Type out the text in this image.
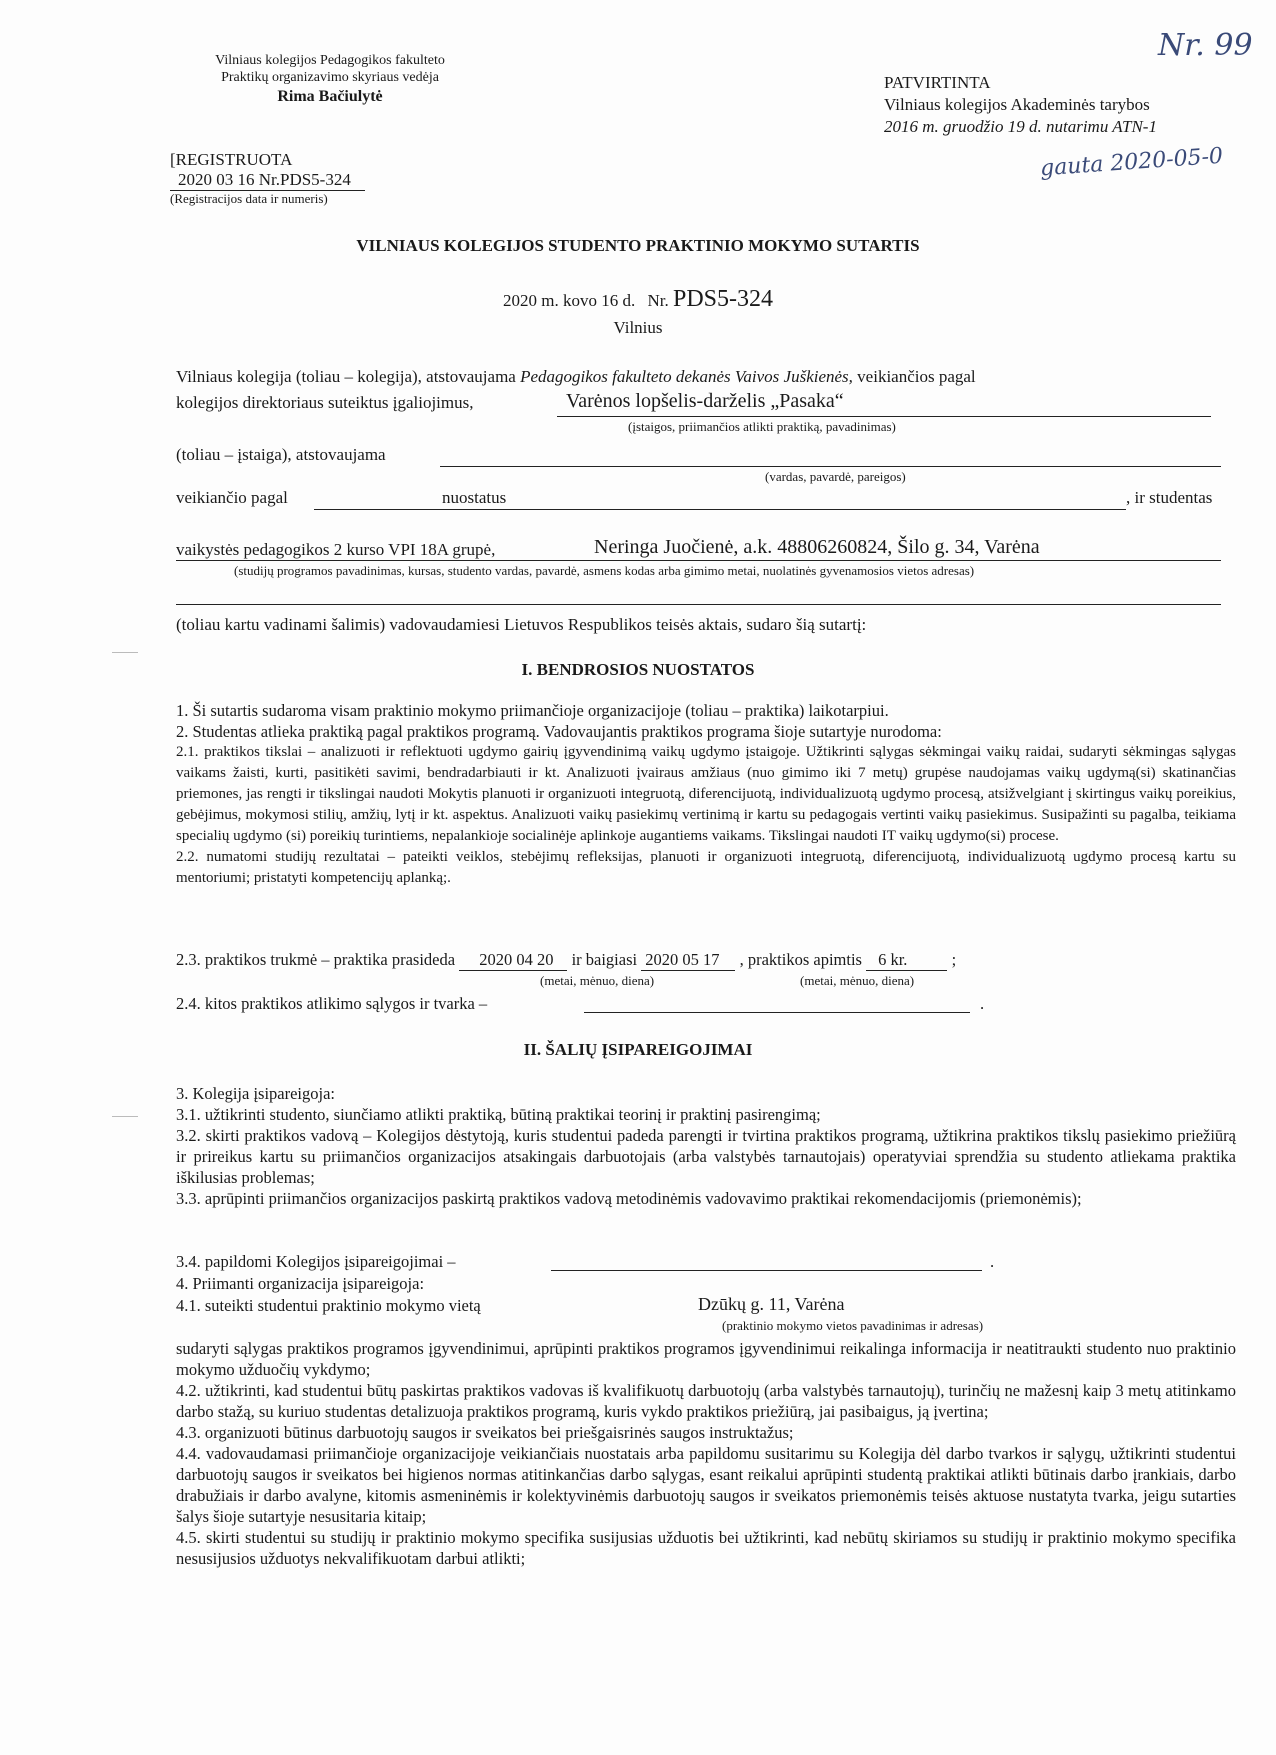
Vilniaus kolegijos Pedagogikos fakulteto
Praktikų organizavimo skyriaus vedėja
Rima Bačiulytė
[REGISTRUOTA
2020 03 16 Nr.PDS5-324
(Registracijos data ir numeris)
Nr. 99
PATVIRTINTA
Vilniaus kolegijos Akademinės tarybos
2016 m. gruodžio 19 d. nutarimu ATN-1
gauta 2020-05-0
VILNIAUS KOLEGIJOS STUDENTO PRAKTINIO MOKYMO SUTARTIS
2020 m. kovo 16 d. Nr. PDS5-324
Vilnius

Vilniaus kolegija (toliau – kolegija), atstovaujama Pedagogikos fakulteto dekanės Vaivos Juškienės, veikiančios pagal

kolegijos direktoriaus suteiktus įgaliojimus,	Varėnos lopšelis-darželis „Pasaka“
(įstaigos, priimančios atlikti praktiką, pavadinimas)
(toliau – įstaiga), atstovaujama
(vardas, pavardė, pareigos)
veikiančio pagal	nuostatus	, ir studentas
vaikystės pedagogikos 2 kurso VPI 18A grupė,	Neringa Juočienė, a.k. 48806260824, Šilo g. 34, Varėna
(studijų programos pavadinimas, kursas, studento vardas, pavardė, asmens kodas arba gimimo metai, nuolatinės gyvenamosios vietos adresas)
(toliau kartu vadinami šalimis) vadovaudamiesi Lietuvos Respublikos teisės aktais, sudaro šią sutartį:
I. BENDROSIOS NUOSTATOS

1. Ši sutartis sudaroma visam praktinio mokymo priimančioje organizacijoje (toliau – praktika) laikotarpiui.

2. Studentas atlieka praktiką pagal praktikos programą. Vadovaujantis praktikos programa šioje sutartyje nurodoma:

2.1. praktikos tikslai – analizuoti ir reflektuoti ugdymo gairių įgyvendinimą vaikų ugdymo įstaigoje. Užtikrinti sąlygas sėkmingai vaikų raidai, sudaryti sėkmingas sąlygas vaikams žaisti, kurti, pasitikėti savimi, bendradarbiauti ir kt. Analizuoti įvairaus amžiaus (nuo gimimo iki 7 metų) grupėse naudojamas vaikų ugdymą(si) skatinančias priemones, jas rengti ir tikslingai naudoti Mokytis planuoti ir organizuoti integruotą, diferencijuotą, individualizuotą ugdymo procesą, atsižvelgiant į skirtingus vaikų poreikius, gebėjimus, mokymosi stilių, amžių, lytį ir kt. aspektus. Analizuoti vaikų pasiekimų vertinimą ir kartu su pedagogais vertinti vaikų pasiekimus. Susipažinti su pagalba, teikiama specialių ugdymo (si) poreikių turintiems, nepalankioje socialinėje aplinkoje augantiems vaikams. Tikslingai naudoti IT vaikų ugdymo(si) procese.

2.2. numatomi studijų rezultatai – pateikti veiklos, stebėjimų refleksijas, planuoti ir organizuoti integruotą, diferencijuotą, individualizuotą ugdymo procesą kartu su mentoriumi; pristatyti kompetencijų aplanką;.

2.3. praktikos trukmė – praktika prasideda 2020 04 20 ir baigiasi 2020 05 17 , praktikos apimtis 6 kr.	;
(metai, mėnuo, diena)	(metai, mėnuo, diena)
2.4. kitos praktikos atlikimo sąlygos ir tvarka –	.
II. ŠALIŲ ĮSIPAREIGOJIMAI

3. Kolegija įsipareigoja:

3.1. užtikrinti studento, siunčiamo atlikti praktiką, būtiną praktikai teorinį ir praktinį pasirengimą;

3.2. skirti praktikos vadovą – Kolegijos dėstytoją, kuris studentui padeda parengti ir tvirtina praktikos programą, užtikrina praktikos tikslų pasiekimo priežiūrą ir prireikus kartu su priimančios organizacijos atsakingais darbuotojais (arba valstybės tarnautojais) operatyviai sprendžia su studento atliekama praktika iškilusias problemas;

3.3. aprūpinti priimančios organizacijos paskirtą praktikos vadovą metodinėmis vadovavimo praktikai rekomendacijomis (priemonėmis);

3.4. papildomi Kolegijos įsipareigojimai –	.
4. Priimanti organizacija įsipareigoja:
4.1. suteikti studentui praktinio mokymo vietą	Dzūkų g. 11, Varėna
(praktinio mokymo vietos pavadinimas ir adresas)

sudaryti sąlygas praktikos programos įgyvendinimui, aprūpinti praktikos programos įgyvendinimui reikalinga informacija ir neatitraukti studento nuo praktinio mokymo užduočių vykdymo;

4.2. užtikrinti, kad studentui būtų paskirtas praktikos vadovas iš kvalifikuotų darbuotojų (arba valstybės tarnautojų), turinčių ne mažesnį kaip 3 metų atitinkamo darbo stažą, su kuriuo studentas detalizuoja praktikos programą, kuris vykdo praktikos priežiūrą, jai pasibaigus, ją įvertina;

4.3. organizuoti būtinus darbuotojų saugos ir sveikatos bei priešgaisrinės saugos instruktažus;

4.4. vadovaudamasi priimančioje organizacijoje veikiančiais nuostatais arba papildomu susitarimu su Kolegija dėl darbo tvarkos ir sąlygų, užtikrinti studentui darbuotojų saugos ir sveikatos bei higienos normas atitinkančias darbo sąlygas, esant reikalui aprūpinti studentą praktikai atlikti būtinais darbo įrankiais, darbo drabužiais ir darbo avalyne, kitomis asmeninėmis ir kolektyvinėmis darbuotojų saugos ir sveikatos priemonėmis teisės aktuose nustatyta tvarka, jeigu sutarties šalys šioje sutartyje nesusitaria kitaip;

4.5. skirti studentui su studijų ir praktinio mokymo specifika susijusias užduotis bei užtikrinti, kad nebūtų skiriamos su studijų ir praktinio mokymo specifika nesusijusios užduotys nekvalifikuotam darbui atlikti;
